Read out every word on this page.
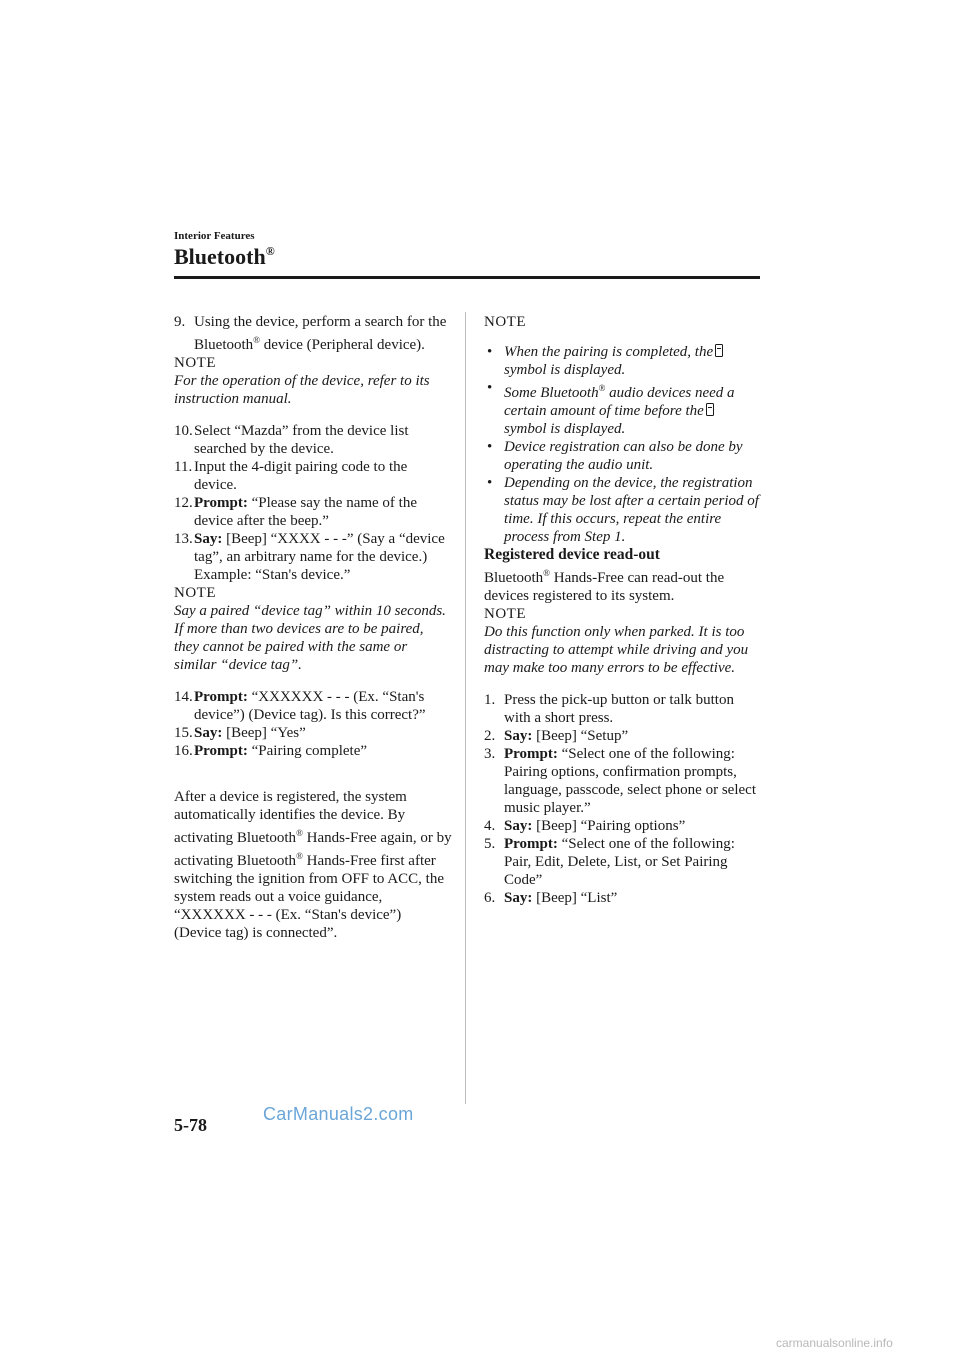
Interior Features
Bluetooth®
9. Using the device, perform a search for the Bluetooth® device (Peripheral device).

NOTE

For the operation of the device, refer to its instruction manual.

10. Select “Mazda” from the device list searched by the device.
11. Input the 4-digit pairing code to the device.
12. Prompt: “Please say the name of the device after the beep.”
13. Say: [Beep] “XXXX - - -” (Say a “device tag”, an arbitrary name for the device.) Example: “Stan's device.”

NOTE

Say a paired “device tag” within 10 seconds.

If more than two devices are to be paired, they cannot be paired with the same or similar “device tag”.

14. Prompt: “XXXXXX - - - (Ex. “Stan's device”) (Device tag). Is this correct?”
15. Say: [Beep] “Yes”
16. Prompt: “Pairing complete”

After a device is registered, the system automatically identifies the device. By activating Bluetooth® Hands-Free again, or by activating Bluetooth® Hands-Free first after switching the ignition from OFF to ACC, the system reads out a voice guidance, “XXXXXX - - - (Ex. “Stan's device”) (Device tag) is connected”.

NOTE

• When the pairing is completed, the symbol is displayed.
• Some Bluetooth® audio devices need a certain amount of time before the symbol is displayed.
• Device registration can also be done by operating the audio unit.
• Depending on the device, the registration status may be lost after a certain period of time. If this occurs, repeat the entire process from Step 1.

Registered device read-out

Bluetooth® Hands-Free can read-out the devices registered to its system.

NOTE

Do this function only when parked. It is too distracting to attempt while driving and you may make too many errors to be effective.

1. Press the pick-up button or talk button with a short press.
2. Say: [Beep] “Setup”
3. Prompt: “Select one of the following: Pairing options, confirmation prompts, language, passcode, select phone or select music player.”
4. Say: [Beep] “Pairing options”
5. Prompt: “Select one of the following: Pair, Edit, Delete, List, or Set Pairing Code”
6. Say: [Beep] “List”
5-78
CarManuals2.com
carmanualsonline.info
